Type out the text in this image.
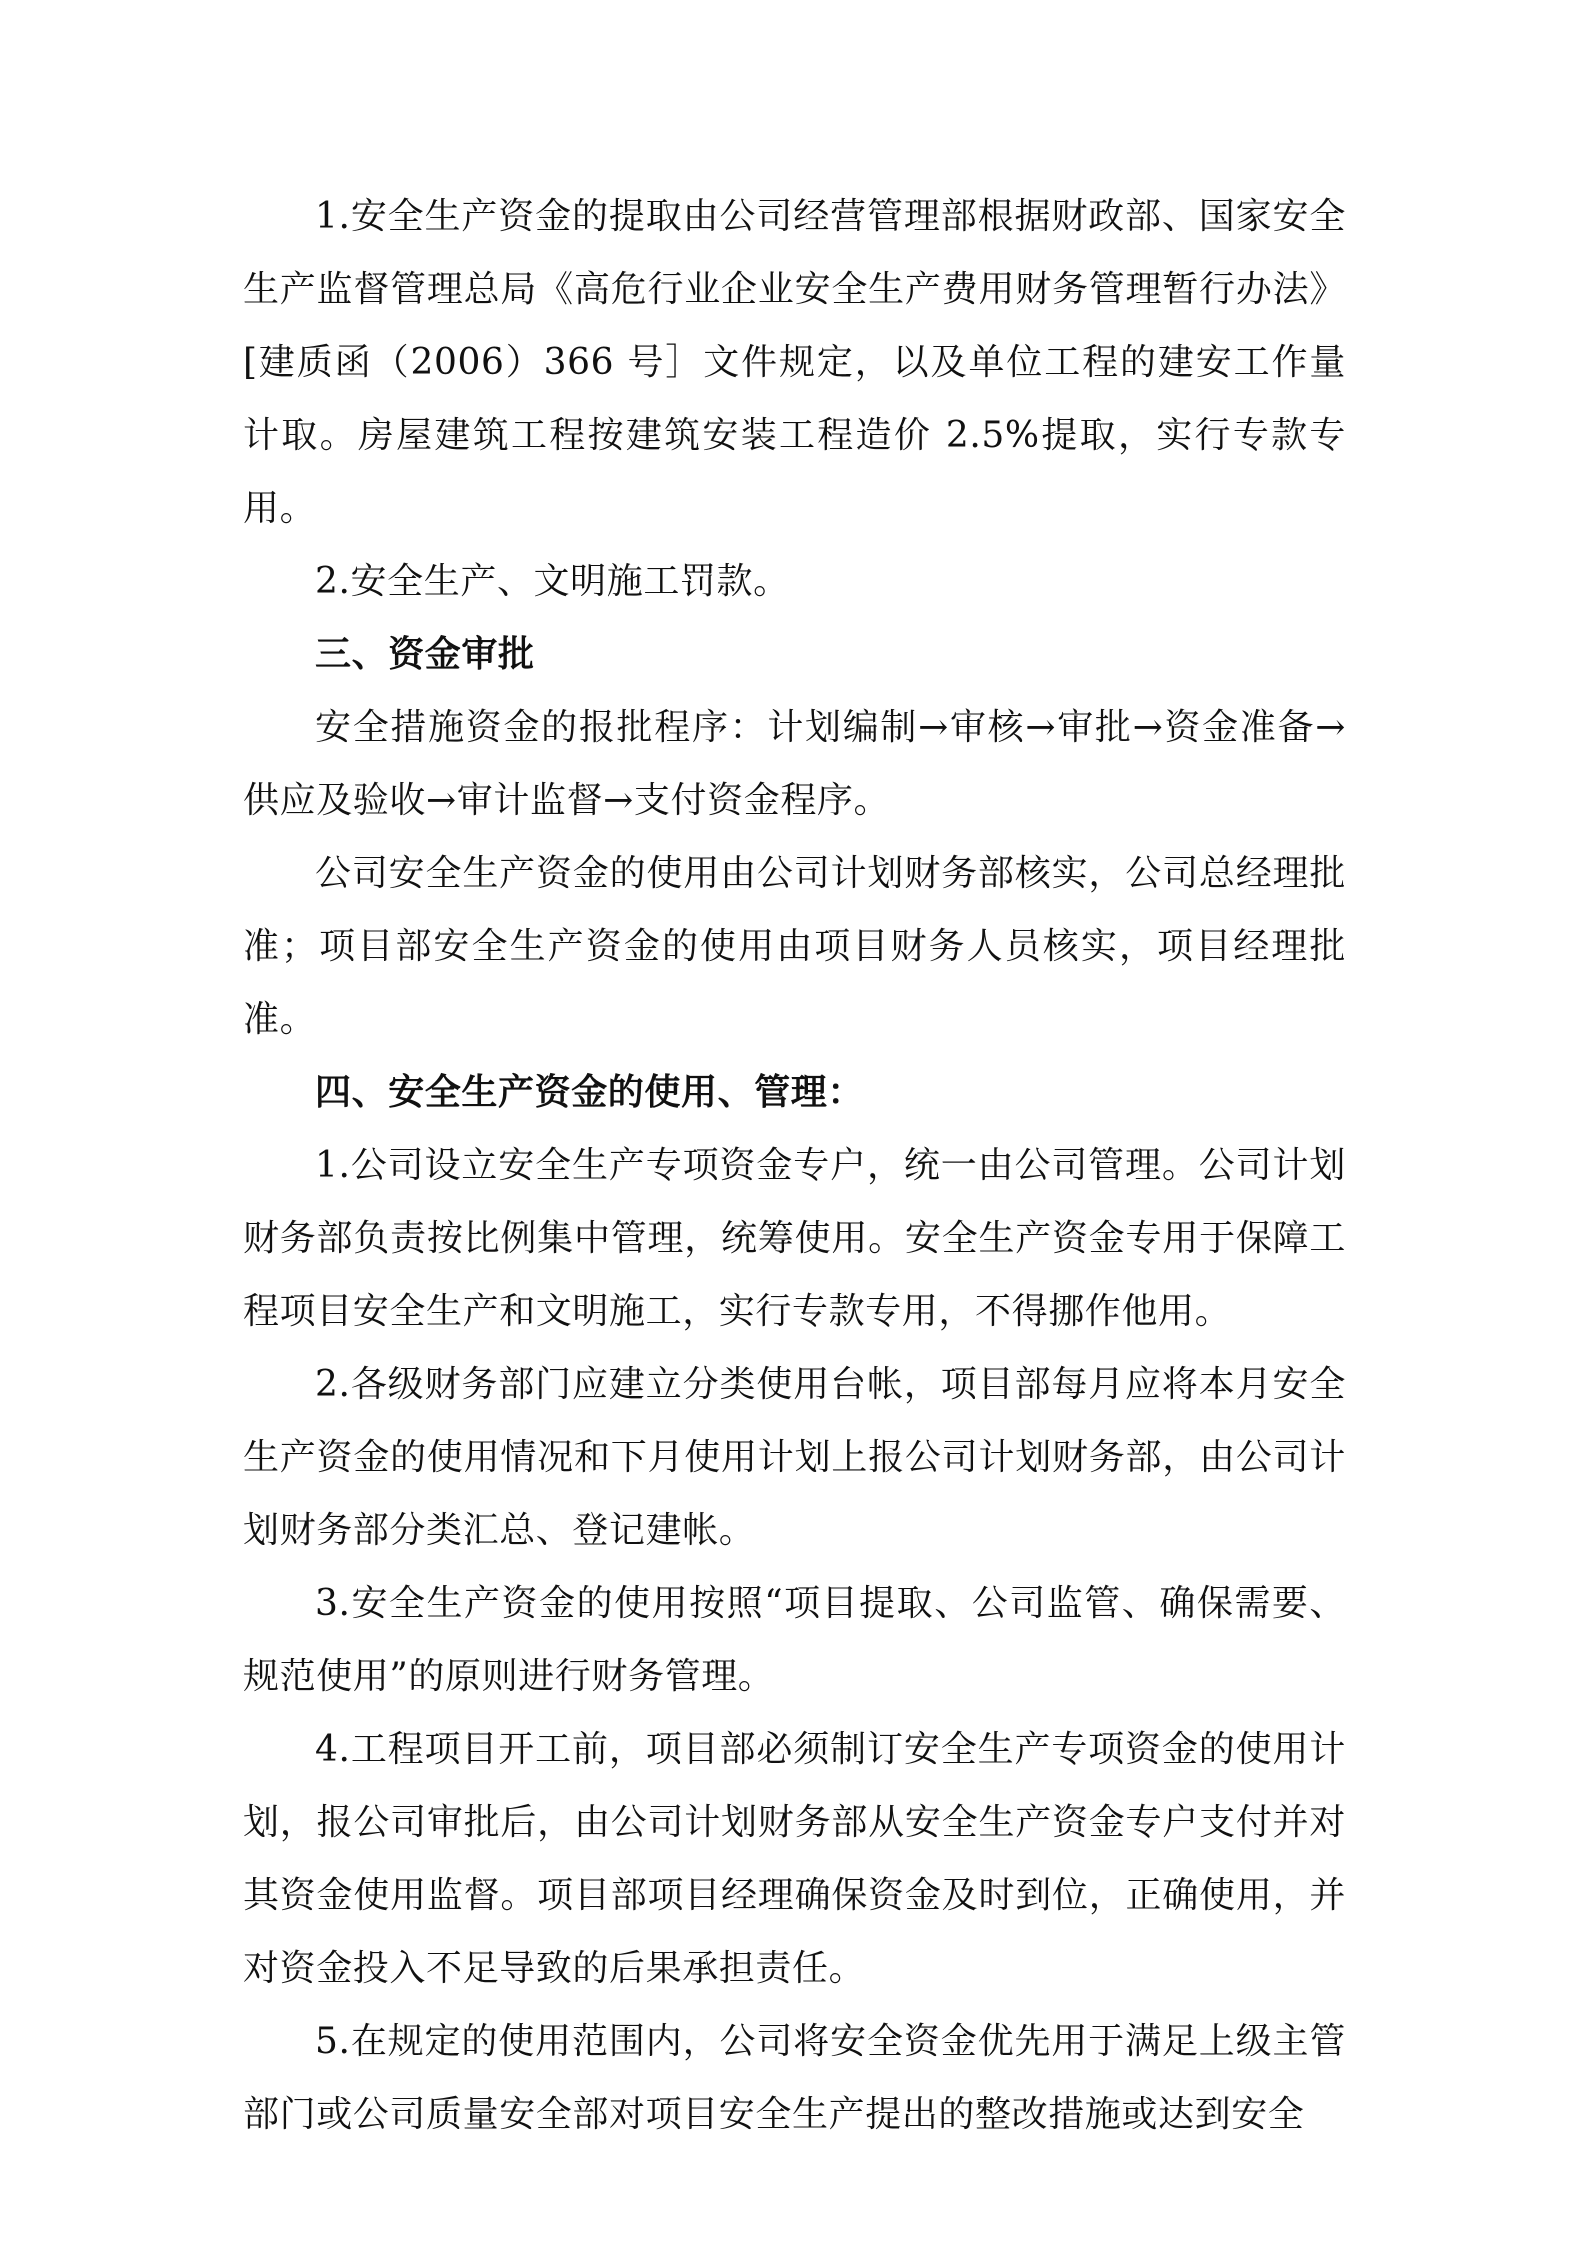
1.安全生产资金的提取由公司经营管理部根据财政部、国家安全生产监督管理总局《高危行业企业安全生产费用财务管理暂行办法》[建质函（2006）366 号］文件规定，以及单位工程的建安工作量计取。房屋建筑工程按建筑安装工程造价 2.5%提取，实行专款专用。

2.安全生产、文明施工罚款。

三、资金审批

安全措施资金的报批程序：计划编制→审核→审批→资金准备→供应及验收→审计监督→支付资金程序。

公司安全生产资金的使用由公司计划财务部核实，公司总经理批准；项目部安全生产资金的使用由项目财务人员核实，项目经理批准。

四、安全生产资金的使用、管理：

1.公司设立安全生产专项资金专户，统一由公司管理。公司计划财务部负责按比例集中管理，统筹使用。安全生产资金专用于保障工程项目安全生产和文明施工，实行专款专用，不得挪作他用。

2.各级财务部门应建立分类使用台帐，项目部每月应将本月安全生产资金的使用情况和下月使用计划上报公司计划财务部，由公司计划财务部分类汇总、登记建帐。

3.安全生产资金的使用按照“项目提取、公司监管、确保需要、规范使用”的原则进行财务管理。

4.工程项目开工前，项目部必须制订安全生产专项资金的使用计划，报公司审批后，由公司计划财务部从安全生产资金专户支付并对其资金使用监督。项目部项目经理确保资金及时到位，正确使用，并对资金投入不足导致的后果承担责任。

5.在规定的使用范围内，公司将安全资金优先用于满足上级主管部门或公司质量安全部对项目安全生产提出的整改措施或达到安全
